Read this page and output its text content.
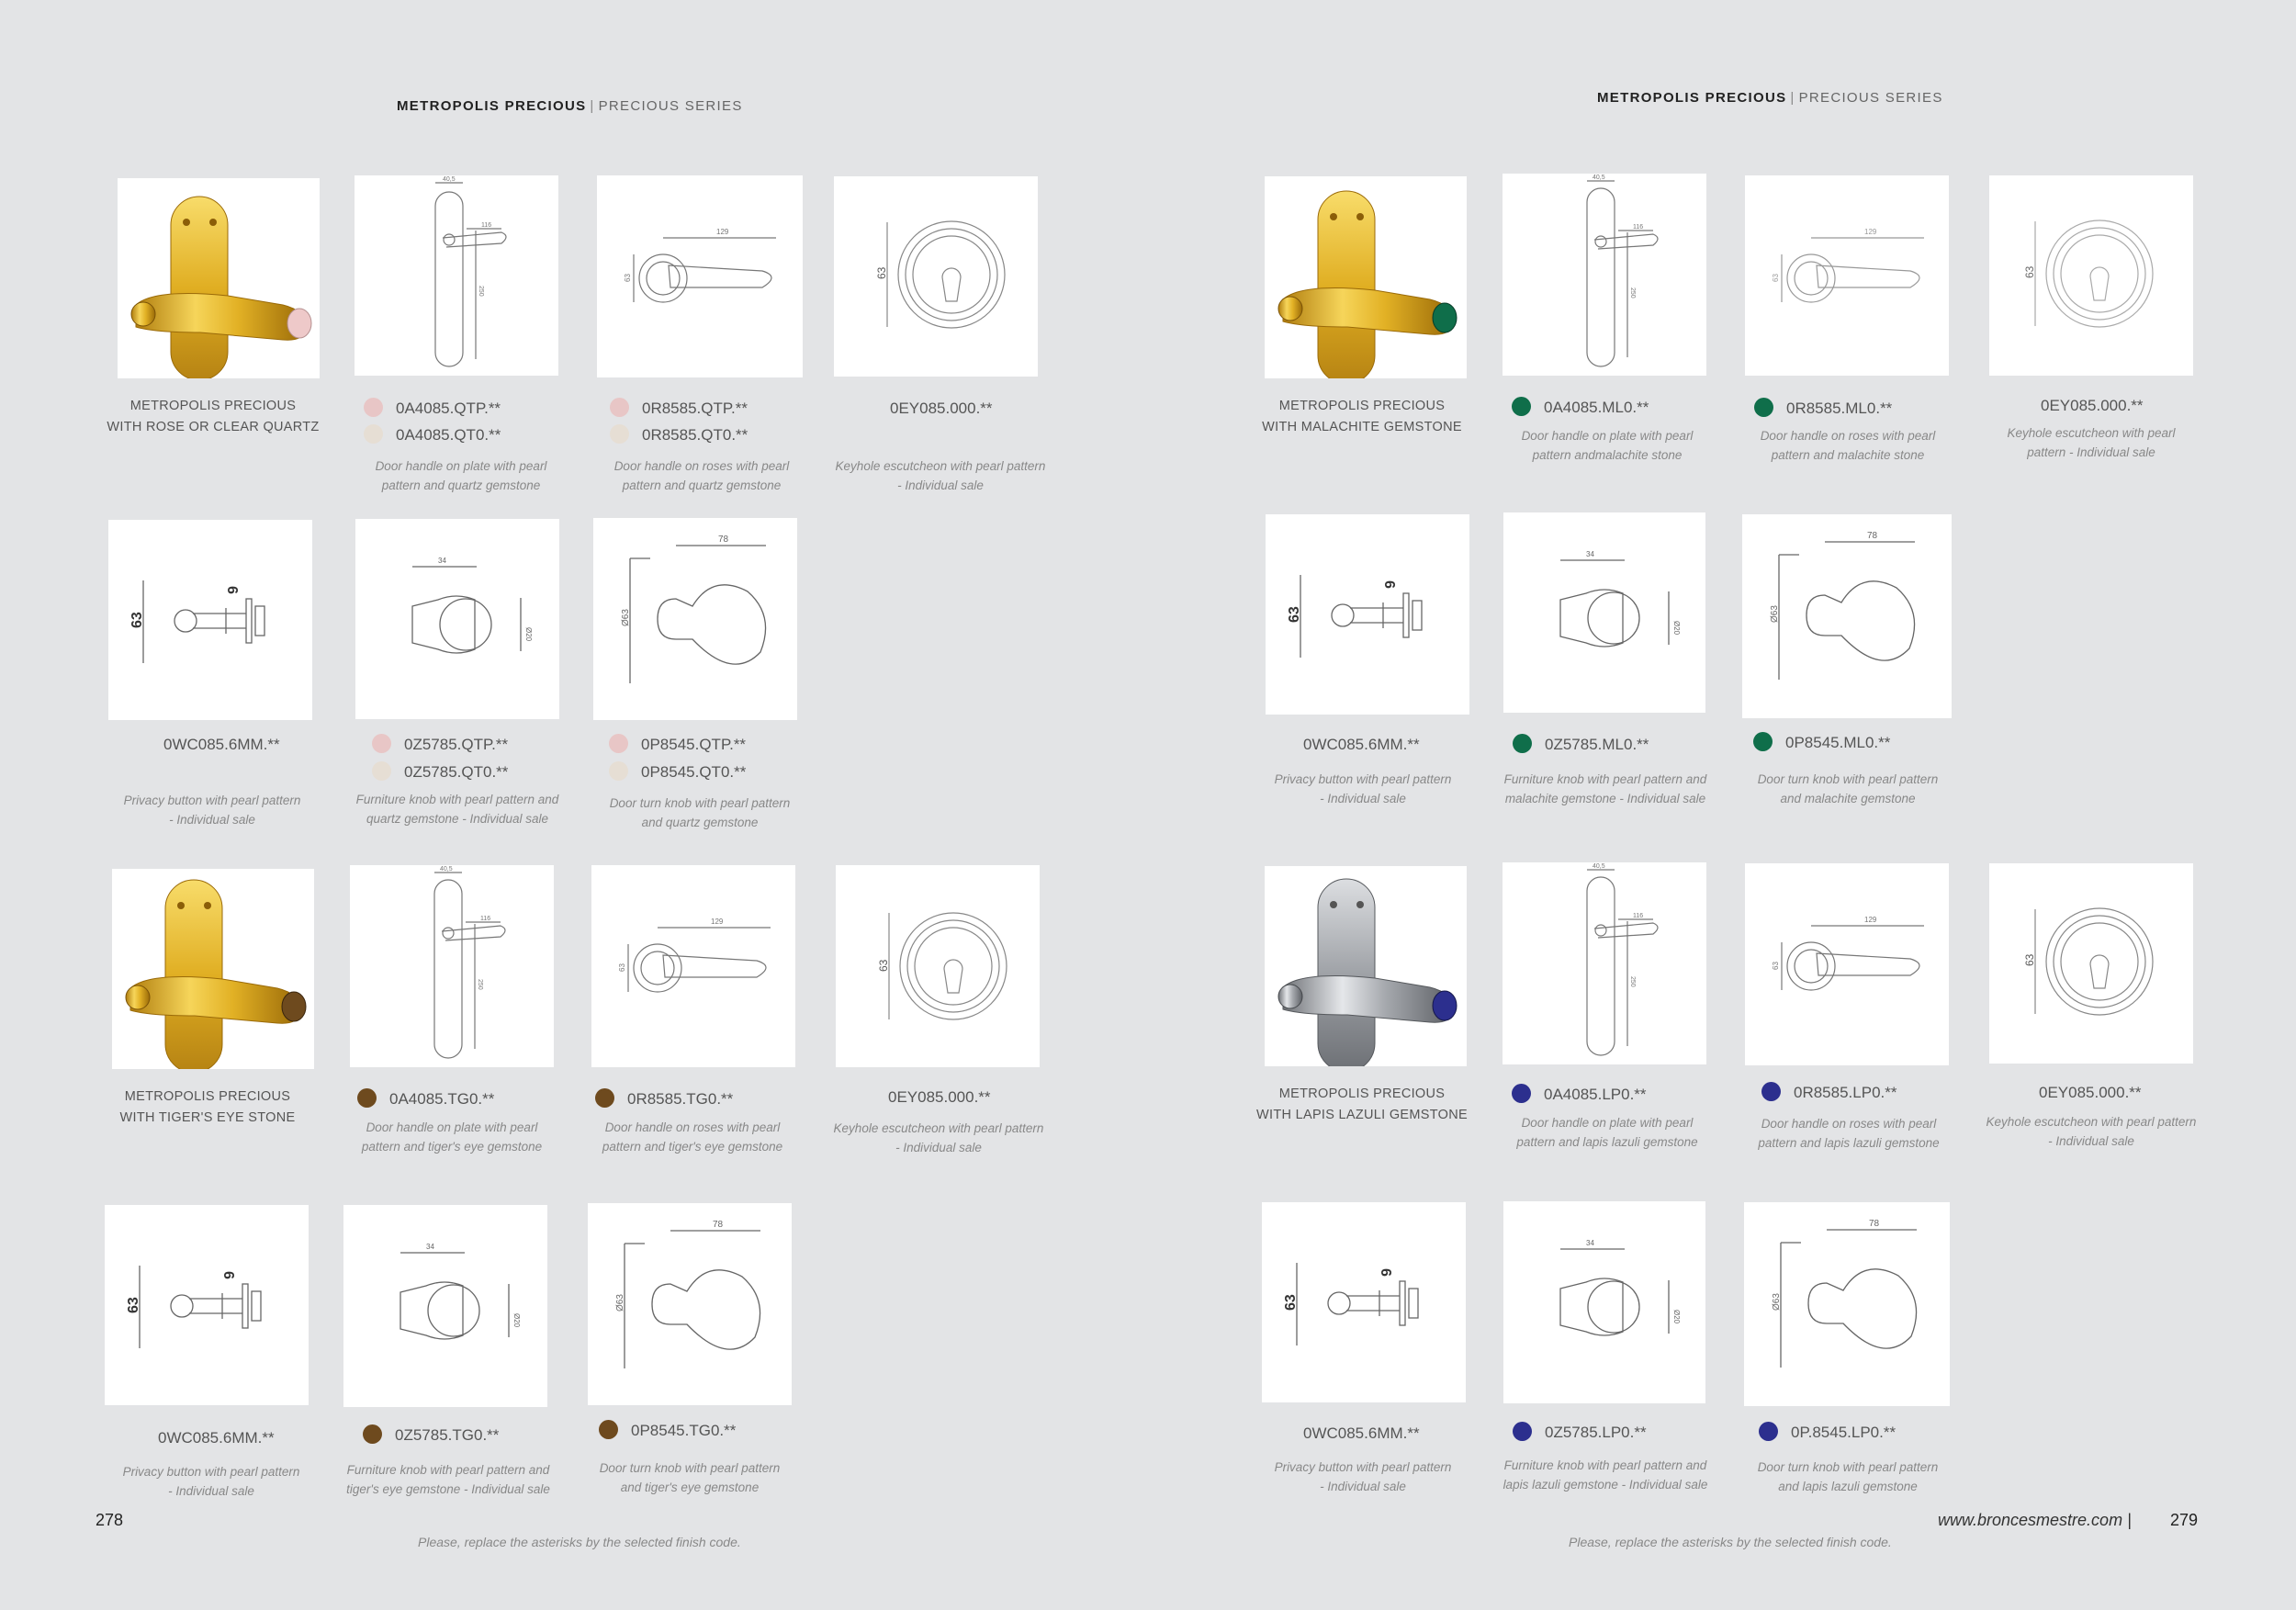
METROPOLIS PRECIOUS | PRECIOUS SERIES
40,5
116
250
129
63	63
METROPOLIS PRECIOUS
WITH ROSE OR CLEAR QUARTZ
0A4085.QTP.**
0A4085.QT0.**
Door handle on plate with pearl
pattern and quartz gemstone
0R8585.QTP.**
0R8585.QT0.**
Door handle on roses with pearl
pattern and quartz gemstone
0EY085.000.**
Keyhole escutcheon with pearl pattern
- Individual sale
63
6
34
Ø20
78
Ø63
0WC085.6MM.**
Privacy button with pearl pattern
- Individual sale
0Z5785.QTP.**
0Z5785.QT0.**
Furniture knob with pearl pattern and
quartz gemstone - Individual sale
0P8545.QTP.**
0P8545.QT0.**
Door turn knob with pearl pattern
and quartz gemstone
40,5
116
250
129
63	63
METROPOLIS PRECIOUS
WITH TIGER'S EYE STONE
0A4085.TG0.**
Door handle on plate with pearl
pattern and tiger's eye gemstone
0R8585.TG0.**
Door handle on roses with pearl
pattern and tiger's eye gemstone
0EY085.000.**
Keyhole escutcheon with pearl pattern
- Individual sale
63
6
34
Ø20
78
Ø63
0WC085.6MM.**
Privacy button with pearl pattern
- Individual sale
0Z5785.TG0.**
Furniture knob with pearl pattern and
tiger's eye gemstone - Individual sale
0P8545.TG0.**
Door turn knob with pearl pattern
and tiger's eye gemstone
278
Please, replace the asterisks by the selected finish code.
METROPOLIS PRECIOUS | PRECIOUS SERIES
40,5
116
250
129
63	63
METROPOLIS PRECIOUS
WITH MALACHITE GEMSTONE
0A4085.ML0.**
Door handle on plate with pearl
pattern andmalachite stone
0R8585.ML0.**
Door handle on roses with pearl
pattern and malachite stone
0EY085.000.**
Keyhole escutcheon with pearl
pattern - Individual sale
63
6
34
Ø20
78
Ø63
0WC085.6MM.**
Privacy button with pearl pattern
- Individual sale
0Z5785.ML0.**
Furniture knob with pearl pattern and
malachite gemstone - Individual sale
0P8545.ML0.**
Door turn knob with pearl pattern
and malachite gemstone
40,5
116
250
129
63	63
METROPOLIS PRECIOUS
WITH LAPIS LAZULI GEMSTONE
0A4085.LP0.**
Door handle on plate with pearl
pattern and lapis lazuli gemstone
0R8585.LP0.**
Door handle on roses with pearl
pattern and lapis lazuli gemstone
0EY085.000.**
Keyhole escutcheon with pearl pattern
- Individual sale
63
6
34
Ø20
78
Ø63
0WC085.6MM.**
Privacy button with pearl pattern
- Individual sale
0Z5785.LP0.**
Furniture knob with pearl pattern and
lapis lazuli gemstone - Individual sale
0P.8545.LP0.**
Door turn knob with pearl pattern
and lapis lazuli gemstone
www.broncesmestre.com | 279
Please, replace the asterisks by the selected finish code.
